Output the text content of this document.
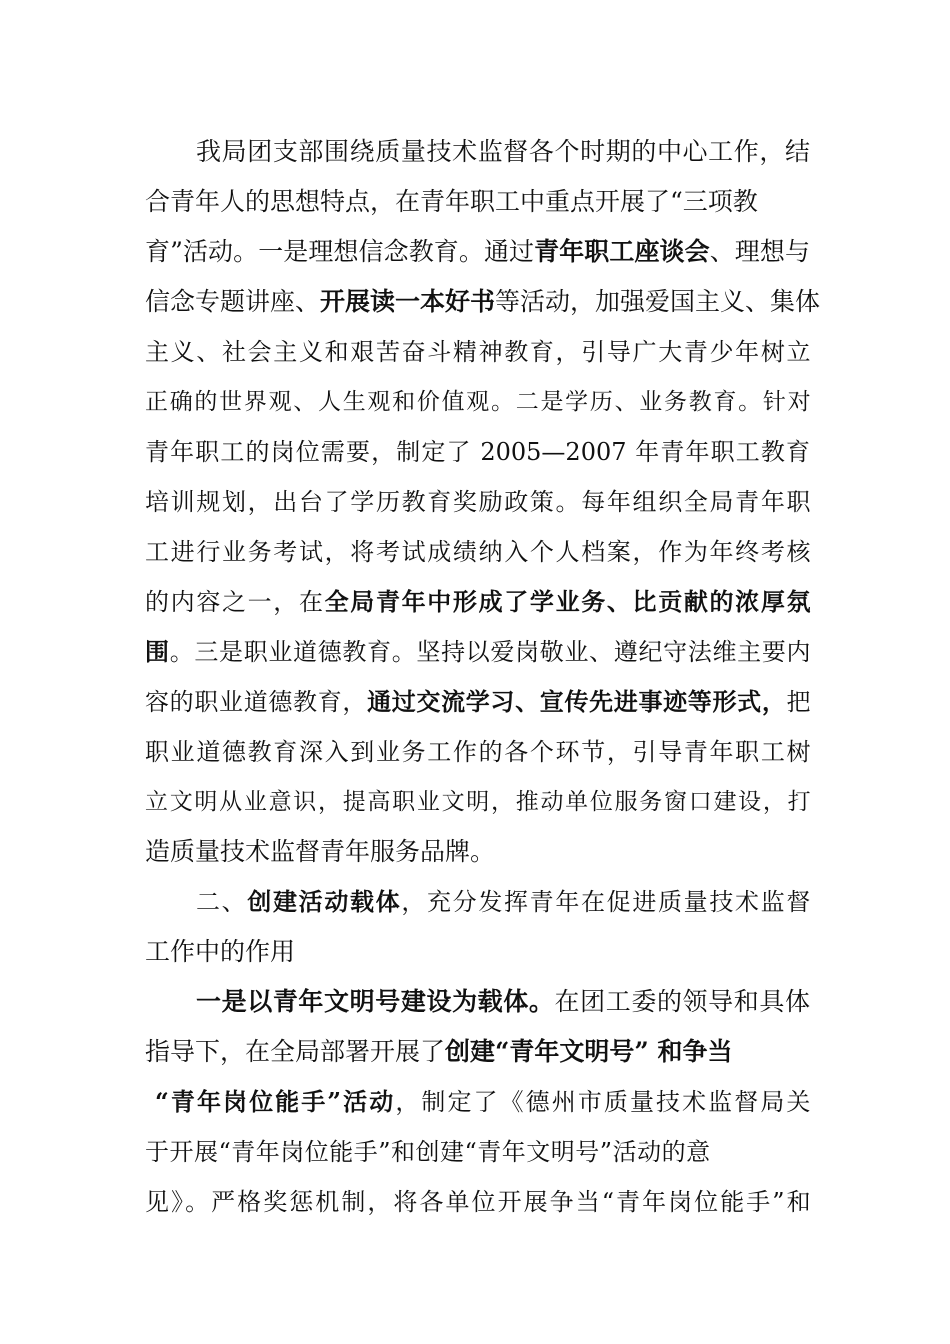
我局团支部围绕质量技术监督各个时期的中心工作，结
合青年人的思想特点，在青年职工中重点开展了“三项教
育”活动。一是理想信念教育。通过青年职工座谈会、理想与
信念专题讲座、开展读一本好书等活动，加强爱国主义、集体
主义、社会主义和艰苦奋斗精神教育，引导广大青少年树立
正确的世界观、人生观和价值观。二是学历、业务教育。针对
青年职工的岗位需要，制定了 2005—2007 年青年职工教育
培训规划，出台了学历教育奖励政策。每年组织全局青年职
工进行业务考试，将考试成绩纳入个人档案，作为年终考核
的内容之一，在全局青年中形成了学业务、比贡献的浓厚氛
围。三是职业道德教育。坚持以爱岗敬业、遵纪守法维主要内
容的职业道德教育，通过交流学习、宣传先进事迹等形式，把
职业道德教育深入到业务工作的各个环节，引导青年职工树
立文明从业意识，提高职业文明，推动单位服务窗口建设，打
造质量技术监督青年服务品牌。
二、创建活动载体，充分发挥青年在促进质量技术监督
工作中的作用
一是以青年文明号建设为载体。在团工委的领导和具体
指导下，在全局部署开展了创建“青年文明号” 和争当
“青年岗位能手”活动，制定了《德州市质量技术监督局关
于开展“青年岗位能手”和创建“青年文明号”活动的意
见》。严格奖惩机制，将各单位开展争当“青年岗位能手”和
